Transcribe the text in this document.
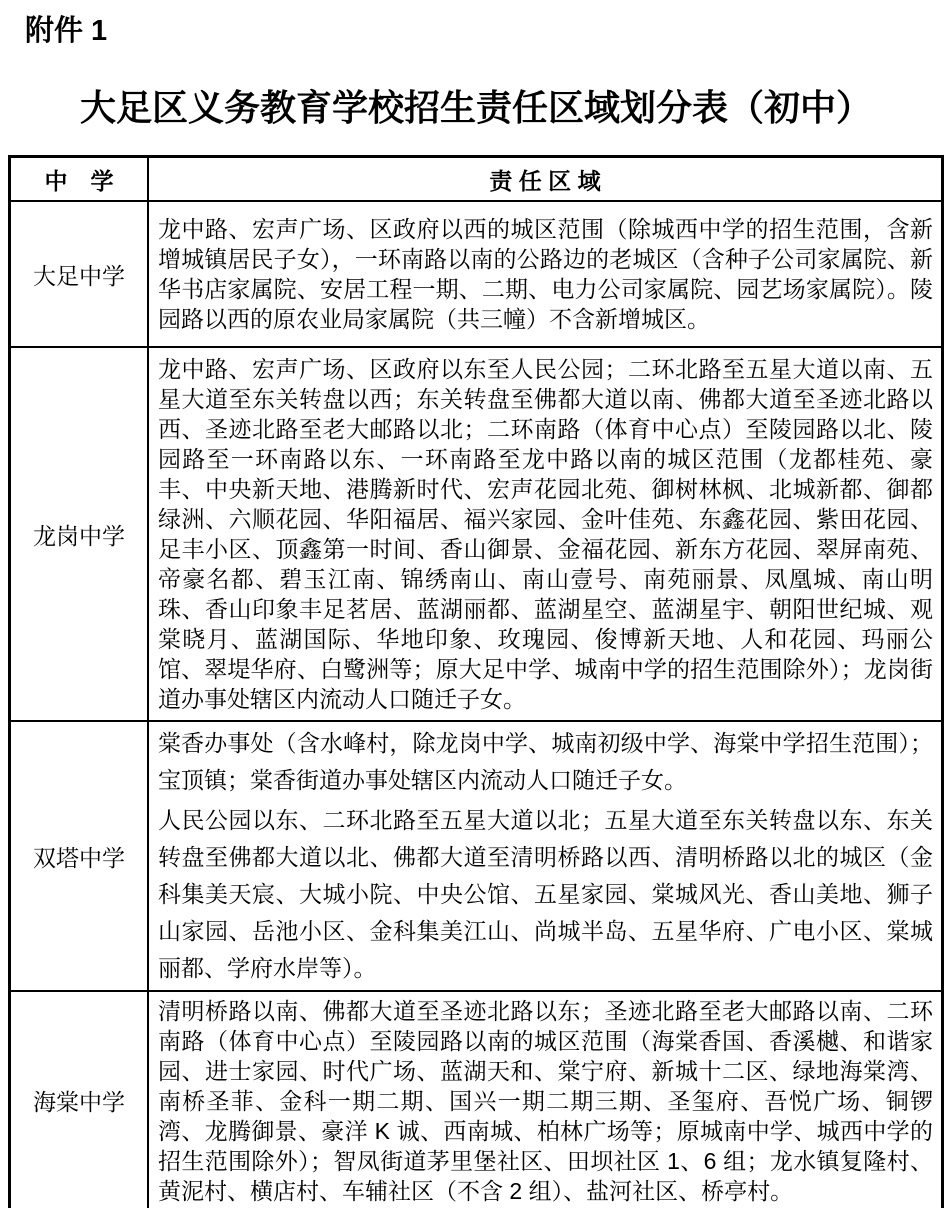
附件 1
大足区义务教育学校招生责任区域划分表（初中）
中　学	责 任 区 域
大足中学	龙中路、宏声广场、区政府以西的城区范围（除城西中学的招生范围，含新增城镇居民子女），一环南路以南的公路边的老城区（含种子公司家属院、新华书店家属院、安居工程一期、二期、电力公司家属院、园艺场家属院）。陵园路以西的原农业局家属院（共三幢）不含新增城区。

龙岗中学	龙中路、宏声广场、区政府以东至人民公园；二环北路至五星大道以南、五星大道至东关转盘以西；东关转盘至佛都大道以南、佛都大道至圣迹北路以西、圣迹北路至老大邮路以北；二环南路（体育中心点）至陵园路以北、陵园路至一环南路以东、一环南路至龙中路以南的城区范围（龙都桂苑、豪丰、中央新天地、港腾新时代、宏声花园北苑、御树林枫、北城新都、御都绿洲、六顺花园、华阳福居、福兴家园、金叶佳苑、东鑫花园、紫田花园、足丰小区、顶鑫第一时间、香山御景、金福花园、新东方花园、翠屏南苑、帝豪名都、碧玉江南、锦绣南山、南山壹号、南苑丽景、凤凰城、南山明珠、香山印象丰足茗居、蓝湖丽都、蓝湖星空、蓝湖星宇、朝阳世纪城、观棠晓月、蓝湖国际、华地印象、玫瑰园、俊博新天地、人和花园、玛丽公馆、翠堤华府、白鹭洲等；原大足中学、城南中学的招生范围除外）；龙岗街道办事处辖区内流动人口随迁子女。

双塔中学	棠香办事处（含水峰村，除龙岗中学、城南初级中学、海棠中学招生范围）；宝顶镇；棠香街道办事处辖区内流动人口随迁子女。

人民公园以东、二环北路至五星大道以北；五星大道至东关转盘以东、东关转盘至佛都大道以北、佛都大道至清明桥路以西、清明桥路以北的城区（金科集美天宸、大城小院、中央公馆、五星家园、棠城风光、香山美地、狮子山家园、岳池小区、金科集美江山、尚城半岛、五星华府、广电小区、棠城丽都、学府水岸等）。

海棠中学	清明桥路以南、佛都大道至圣迹北路以东；圣迹北路至老大邮路以南、二环南路（体育中心点）至陵园路以南的城区范围（海棠香国、香溪樾、和谐家园、进士家园、时代广场、蓝湖天和、棠宁府、新城十二区、绿地海棠湾、南桥圣菲、金科一期二期、国兴一期二期三期、圣玺府、吾悦广场、铜锣湾、龙腾御景、豪洋 K 诚、西南城、柏林广场等；原城南中学、城西中学的招生范围除外）；智凤街道茅里堡社区、田坝社区 1、6 组；龙水镇复隆村、黄泥村、横店村、车辅社区（不含 2 组）、盐河社区、桥亭村。
